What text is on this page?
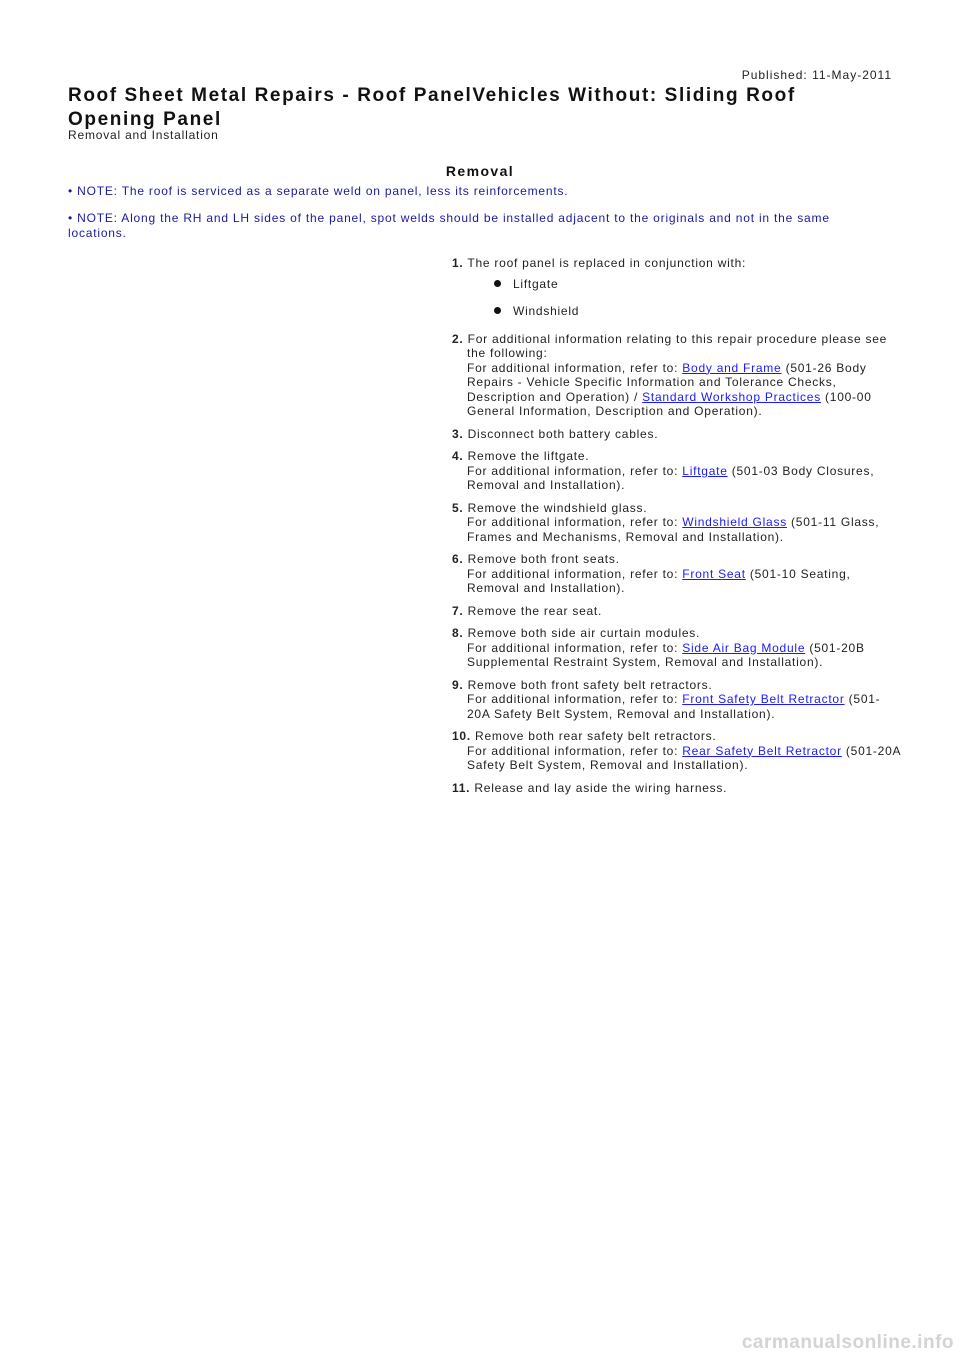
Published: 11-May-2011
Roof Sheet Metal Repairs - Roof PanelVehicles Without: Sliding Roof Opening Panel
Removal and Installation
Removal
• NOTE: The roof is serviced as a separate weld on panel, less its reinforcements.
• NOTE: Along the RH and LH sides of the panel, spot welds should be installed adjacent to the originals and not in the same locations.
1. The roof panel is replaced in conjunction with:
Liftgate
Windshield
2. For additional information relating to this repair procedure please see the following:
For additional information, refer to: Body and Frame (501-26 Body Repairs - Vehicle Specific Information and Tolerance Checks, Description and Operation) / Standard Workshop Practices (100-00 General Information, Description and Operation).
3. Disconnect both battery cables.
4. Remove the liftgate.
For additional information, refer to: Liftgate (501-03 Body Closures, Removal and Installation).
5. Remove the windshield glass.
For additional information, refer to: Windshield Glass (501-11 Glass, Frames and Mechanisms, Removal and Installation).
6. Remove both front seats.
For additional information, refer to: Front Seat (501-10 Seating, Removal and Installation).
7. Remove the rear seat.
8. Remove both side air curtain modules.
For additional information, refer to: Side Air Bag Module (501-20B Supplemental Restraint System, Removal and Installation).
9. Remove both front safety belt retractors.
For additional information, refer to: Front Safety Belt Retractor (501-20A Safety Belt System, Removal and Installation).
10. Remove both rear safety belt retractors.
For additional information, refer to: Rear Safety Belt Retractor (501-20A Safety Belt System, Removal and Installation).
11. Release and lay aside the wiring harness.
carmanualsonline.info
